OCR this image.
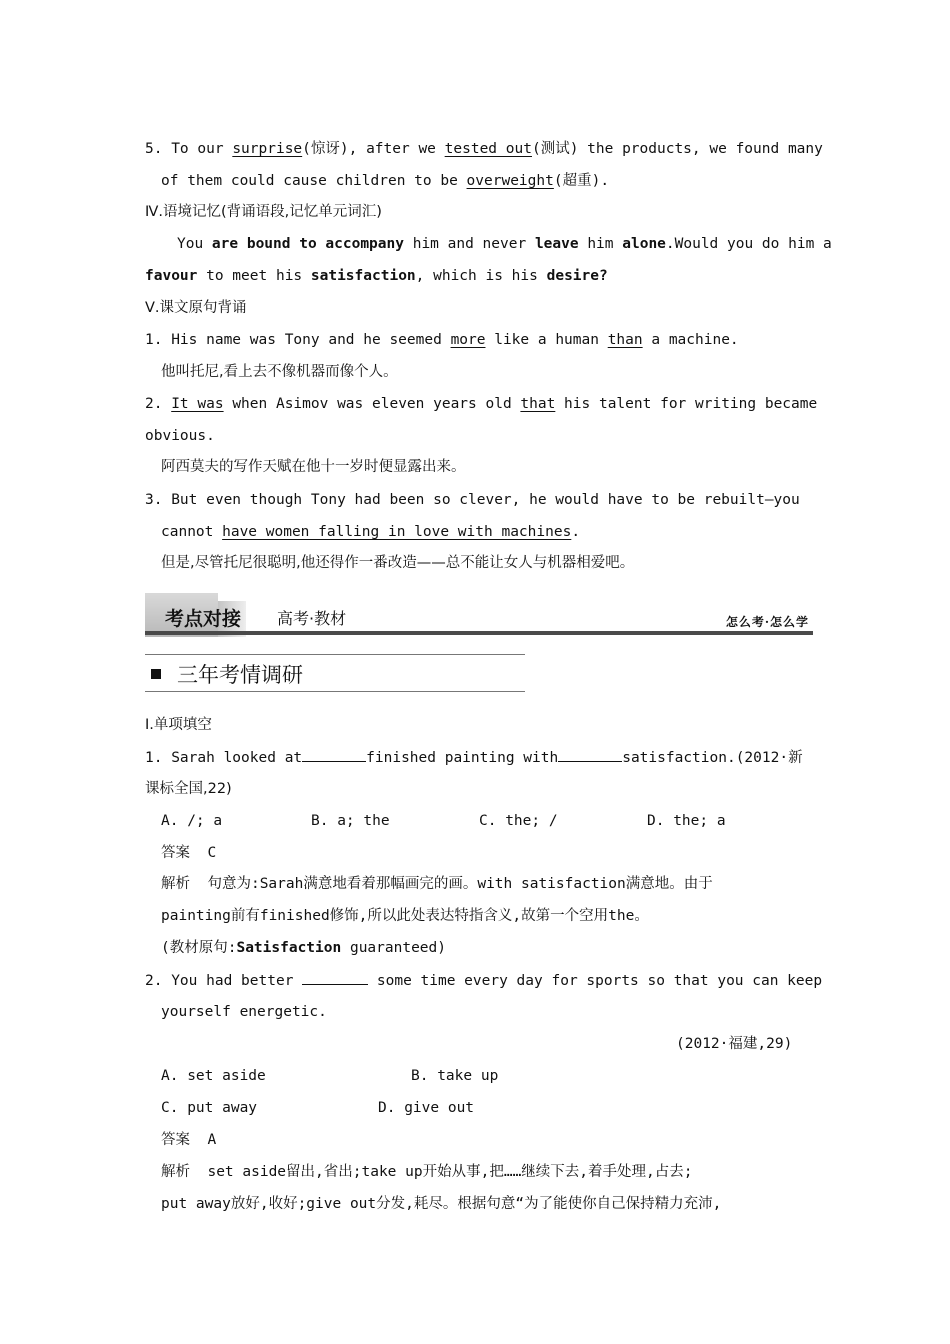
5. To our surprise(惊讶), after we tested out(测试) the products, we found many
of them could cause children to be overweight(超重).
Ⅳ.语境记忆(背诵语段,记忆单元词汇)
You are bound to accompany him and never leave him alone.Would you do him a
favour to meet his satisfaction, which is his desire?
Ⅴ.课文原句背诵
1. His name was Tony and he seemed more like a human than a machine.
他叫托尼,看上去不像机器而像个人。
2. It was when Asimov was eleven years old that his talent for writing became
obvious.
阿西莫夫的写作天赋在他十一岁时便显露出来。
3. But even though Tony had been so clever, he would have to be rebuilt—you
cannot have women falling in love with machines.
但是,尽管托尼很聪明,他还得作一番改造——总不能让女人与机器相爱吧。
考点对接 高考·教材	怎么考·怎么学
三年考情调研
Ⅰ.单项填空
1. Sarah looked at	finished painting with	satisfaction.(2012·新
课标全国,22)
A. /; a	B. a; the	C. the; /	D. the; a
答案 C
解析 句意为:Sarah满意地看着那幅画完的画。with satisfaction满意地。由于
painting前有finished修饰,所以此处表达特指含义,故第一个空用the。
(教材原句:Satisfaction guaranteed)
2. You had better	some time every day for sports so that you can keep
yourself energetic.
(2012·福建,29)
A. set aside	B. take up
C. put away	D. give out
答案 A
解析 set aside留出,省出;take up开始从事,把……继续下去,着手处理,占去;
put away放好,收好;give out分发,耗尽。根据句意“为了能使你自己保持精力充沛,
